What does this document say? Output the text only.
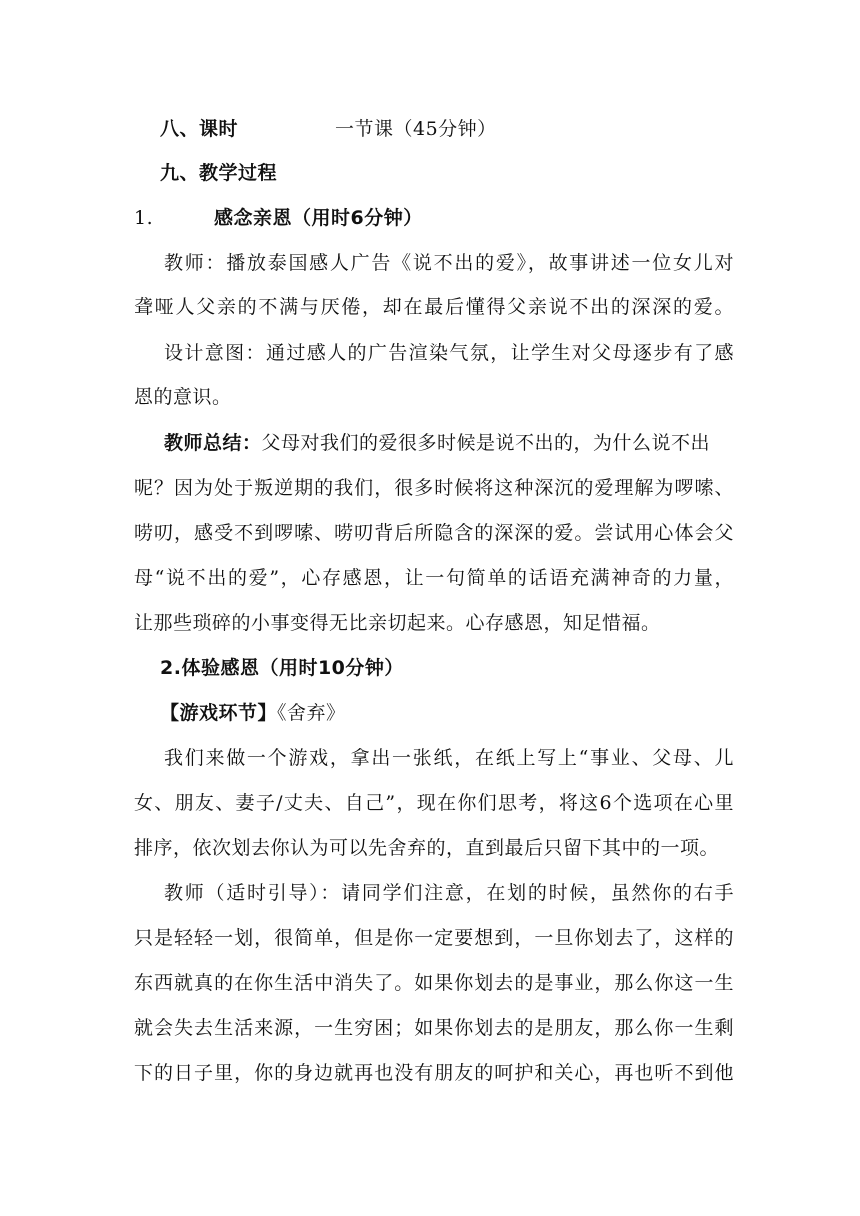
八、课时	一节课（45分钟）
九、教学过程
1.	感念亲恩（用时6分钟）
教师：播放泰国感人广告《说不出的爱》，故事讲述一位女儿对
聋哑人父亲的不满与厌倦，却在最后懂得父亲说不出的深深的爱。
设计意图：通过感人的广告渲染气氛，让学生对父母逐步有了感
恩的意识。
教师总结：父母对我们的爱很多时候是说不出的，为什么说不出
呢？因为处于叛逆期的我们，很多时候将这种深沉的爱理解为啰嗦、
唠叨，感受不到啰嗦、唠叨背后所隐含的深深的爱。尝试用心体会父
母“说不出的爱”，心存感恩，让一句简单的话语充满神奇的力量，
让那些琐碎的小事变得无比亲切起来。心存感恩，知足惜福。
2.体验感恩（用时10分钟）
【游戏环节】《舍弃》
我们来做一个游戏，拿出一张纸，在纸上写上“事业、父母、儿
女、朋友、妻子/丈夫、自己”，现在你们思考，将这6个选项在心里
排序，依次划去你认为可以先舍弃的，直到最后只留下其中的一项。
教师（适时引导）：请同学们注意，在划的时候，虽然你的右手
只是轻轻一划，很简单，但是你一定要想到，一旦你划去了，这样的
东西就真的在你生活中消失了。如果你划去的是事业，那么你这一生
就会失去生活来源，一生穷困；如果你划去的是朋友，那么你一生剩
下的日子里，你的身边就再也没有朋友的呵护和关心，再也听不到他
